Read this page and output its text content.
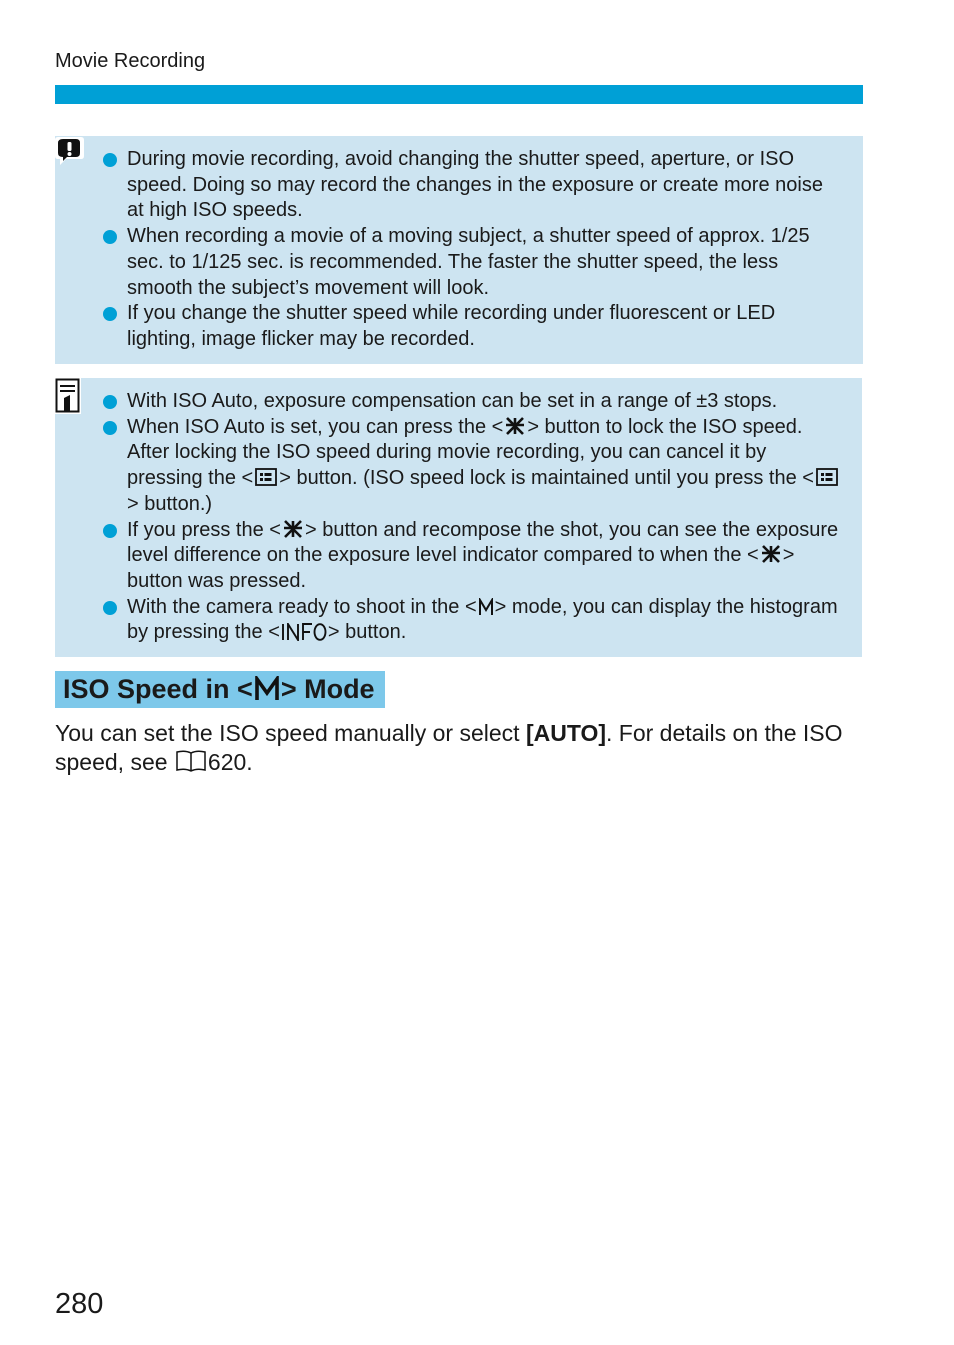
Movie Recording
During movie recording, avoid changing the shutter speed, aperture, or ISO speed. Doing so may record the changes in the exposure or create more noise at high ISO speeds.
When recording a movie of a moving subject, a shutter speed of approx. 1/25 sec. to 1/125 sec. is recommended. The faster the shutter speed, the less smooth the subject’s movement will look.
If you change the shutter speed while recording under fluorescent or LED lighting, image flicker may be recorded.
With ISO Auto, exposure compensation can be set in a range of ±3 stops.
When ISO Auto is set, you can press the < > button to lock the ISO speed. After locking the ISO speed during movie recording, you can cancel it by pressing the < > button. (ISO speed lock is maintained until you press the <> button.)
If you press the < > button and recompose the shot, you can see the exposure level difference on the exposure level indicator compared to when the < > button was pressed.
With the camera ready to shoot in the < > mode, you can display the histogram by pressing the < > button.
ISO Speed in < > Mode

You can set the ISO speed manually or select [AUTO]. For details on the ISO speed, see 620.

280
